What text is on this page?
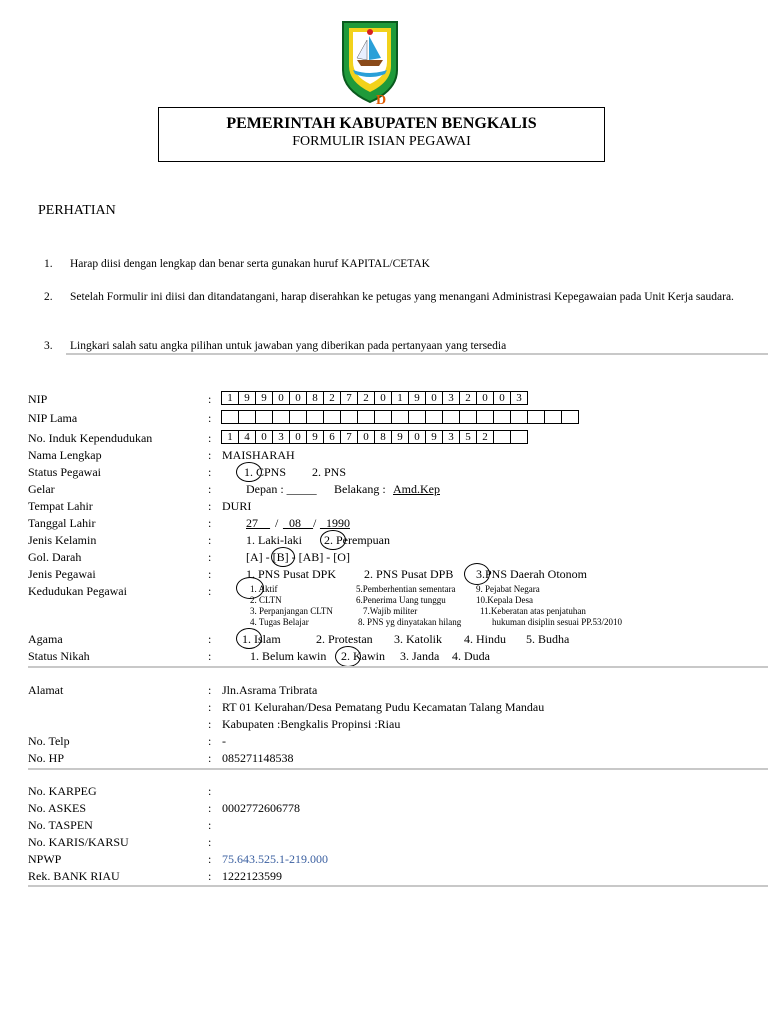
D
PEMERINTAH KABUPATEN BENGKALIS
FORMULIR ISIAN PEGAWAI
PERHATIAN
1. Harap diisi dengan lengkap dan benar serta gunakan huruf KAPITAL/CETAK
2. Setelah Formulir ini diisi dan ditandatangani, harap diserahkan ke petugas yang menangani Administrasi Kepegawaian pada Unit Kerja saudara.
3. Lingkari salah satu angka pilihan untuk jawaban yang diberikan pada pertanyaan yang tersedia
NIP	:	1	9	9	0	0	8	2	7	2	0	1	9	0	3	2	0	0	3
NIP Lama	:
No. Induk Kependudukan	:	1	4	0	3	0	9	6	7	0	8	9	0	9	3	5	2
Nama Lengkap	: MAISHARAH
Status Pegawai	:	1. CPNS 2. PNS
Gelar	:	Depan : _____ Belakang : Amd.Kep
Tempat Lahir	: DURI
Tanggal Lahir	:	27__ / _08__ / _1990
Jenis Kelamin	:	1. Laki-laki 2. Perempuan
Gol. Darah	:	[A] - [B] - [AB] - [O]
Jenis Pegawai	:	1. PNS Pusat DPK 2. PNS Pusat DPB 3.PNS Daerah Otonom
Kedudukan Pegawai	:	1. Aktif	5.Pemberhentian sementara 9. Pejabat Negara
2. CLTN	6.Penerima Uang tunggu	10.Kepala Desa
3. Perpanjangan CLTN	7.Wajib militer	11.Keberatan atas penjatuhan
4. Tugas Belajar	8. PNS yg dinyatakan hilang	hukuman disiplin sesuai PP.53/2010
Agama	:	1. Islam	2. Protestan 3. Katolik 4. Hindu 5. Budha
Status Nikah	:	1. Belum kawin 2. Kawin 3. Janda 4. Duda
Alamat	: Jln.Asrama Tribrata
: RT 01 Kelurahan/Desa Pematang Pudu Kecamatan Talang Mandau
: Kabupaten :Bengkalis Propinsi :Riau
No. Telp	: -
No. HP	: 085271148538
No. KARPEG	:
No. ASKES	: 0002772606778
No. TASPEN	:
No. KARIS/KARSU	:
NPWP	: 75.643.525.1-219.000
Rek. BANK RIAU	: 1222123599
